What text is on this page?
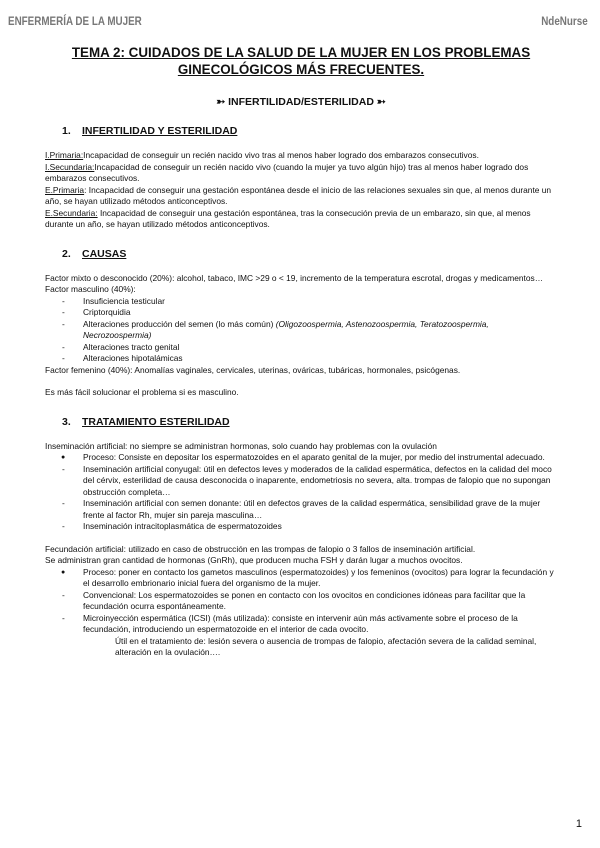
ENFERMERÍA DE LA MUJER	NdeNurse

TEMA 2: CUIDADOS DE LA SALUD DE LA MUJER EN LOS PROBLEMAS
GINECOLÓGICOS MÁS FRECUENTES.

➳ INFERTILIDAD/ESTERILIDAD ➳
1. INFERTILIDAD Y ESTERILIDAD

I.Primaria:Incapacidad de conseguir un recién nacido vivo tras al menos haber logrado dos embarazos consecutivos.

I.Secundaria:Incapacidad de conseguir un recién nacido vivo (cuando la mujer ya tuvo algún hijo) tras al menos haber logrado dos embarazos consecutivos.

E.Primaria: Incapacidad de conseguir una gestación espontánea desde el inicio de las relaciones sexuales sin que, al menos durante un año, se hayan utilizado métodos anticonceptivos.

E.Secundaria: Incapacidad de conseguir una gestación espontánea, tras la consecución previa de un embarazo, sin que, al menos durante un año, se hayan utilizado métodos anticonceptivos.

2. CAUSAS

Factor mixto o desconocido (20%): alcohol, tabaco, IMC >29 o < 19, incremento de la temperatura escrotal, drogas y medicamentos…

Factor masculino (40%):

- Insuficiencia testicular
- Criptorquidia
- Alteraciones producción del semen (lo más común) (Oligozoospermia, Astenozoospermia, Teratozoospermia, Necrozoospermia)
- Alteraciones tracto genital
- Alteraciones hipotalámicas

Factor femenino (40%): Anomalías vaginales, cervicales, uterinas, ováricas, tubáricas, hormonales, psicógenas.

Es más fácil solucionar el problema si es masculino.

3. TRATAMIENTO ESTERILIDAD

Inseminación artificial: no siempre se administran hormonas, solo cuando hay problemas con la ovulación

● Proceso: Consiste en depositar los espermatozoides en el aparato genital de la mujer, por medio del instrumental adecuado.
- Inseminación artificial conyugal: útil en defectos leves y moderados de la calidad espermática, defectos en la calidad del moco del cérvix, esterilidad de causa desconocida o inaparente, endometriosis no severa, alta. trompas de falopio que no supongan obstrucción completa…
- Inseminación artificial con semen donante: útil en defectos graves de la calidad espermática, sensibilidad grave de la mujer frente al factor Rh, mujer sin pareja masculina…
- Inseminación intracitoplasmática de espermatozoides

Fecundación artificial: utilizado en caso de obstrucción en las trompas de falopio o 3 fallos de inseminación artificial.

Se administran gran cantidad de hormonas (GnRh), que producen mucha FSH y darán lugar a muchos ovocitos.

● Proceso: poner en contacto los gametos masculinos (espermatozoides) y los femeninos (ovocitos) para lograr la fecundación y el desarrollo embrionario inicial fuera del organismo de la mujer.
- Convencional: Los espermatozoides se ponen en contacto con los ovocitos en condiciones idóneas para facilitar que la fecundación ocurra espontáneamente.
- Microinyección espermática (ICSI) (más utilizada): consiste en intervenir aún más activamente sobre el proceso de la fecundación, introduciendo un espermatozoide en el interior de cada ovocito.
Útil en el tratamiento de: lesión severa o ausencia de trompas de falopio, afectación severa de la calidad seminal, alteración en la ovulación….
1
